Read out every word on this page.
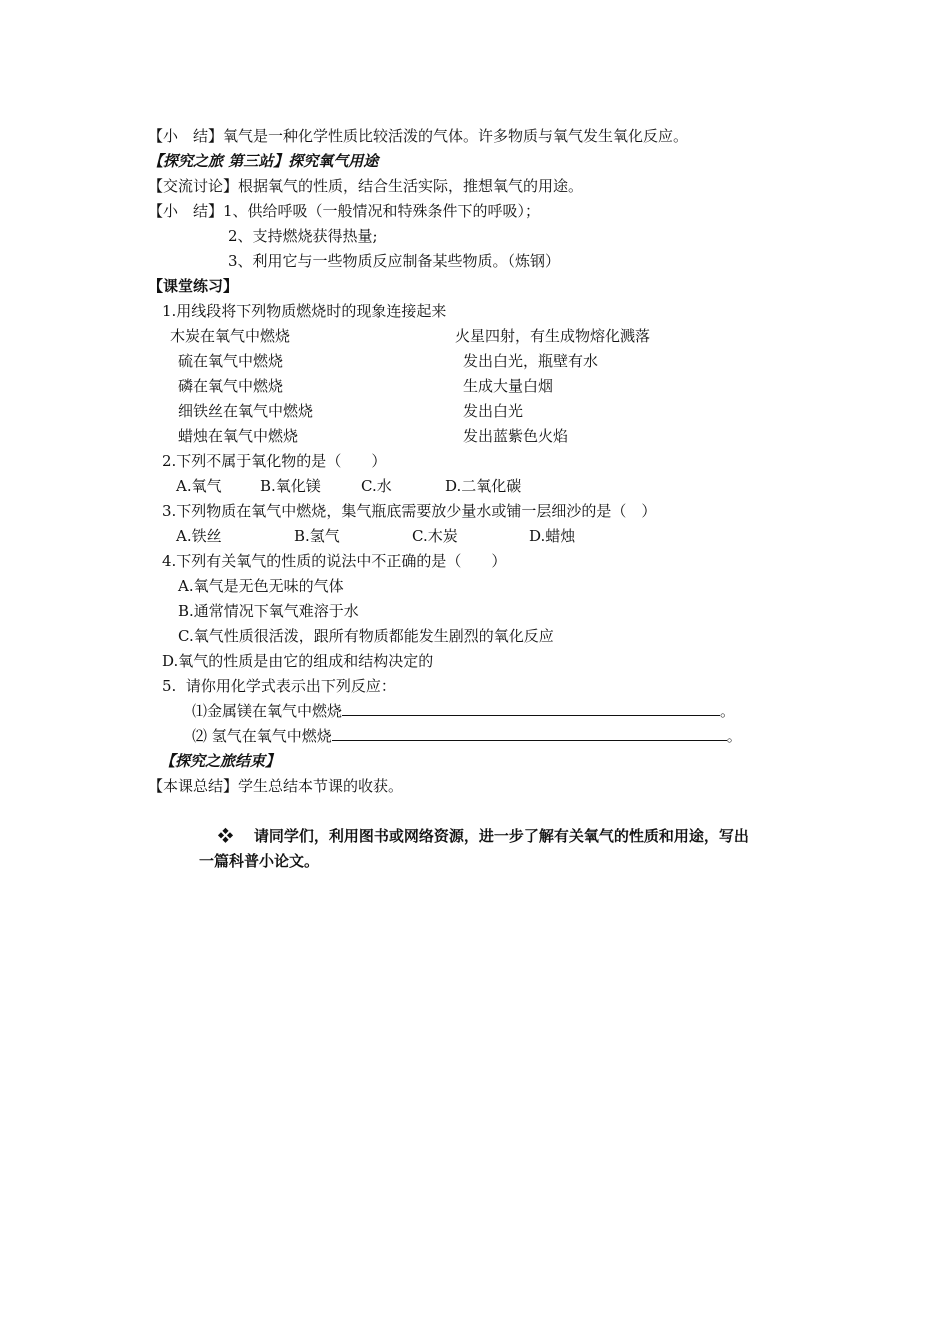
【小　结】氧气是一种化学性质比较活泼的气体。许多物质与氧气发生氧化反应。
【探究之旅 第三站】探究氧气用途
【交流讨论】根据氧气的性质，结合生活实际，推想氧气的用途。
【小　结】1、供给呼吸（一般情况和特殊条件下的呼吸）；
2、支持燃烧获得热量;
3、利用它与一些物质反应制备某些物质。（炼钢）
【课堂练习】
1.用线段将下列物质燃烧时的现象连接起来
木炭在氧气中燃烧	火星四射，有生成物熔化溅落
硫在氧气中燃烧	发出白光，瓶壁有水
磷在氧气中燃烧	生成大量白烟
细铁丝在氧气中燃烧	发出白光
蜡烛在氧气中燃烧	发出蓝紫色火焰
2.下列不属于氧化物的是（　　）
A.氧气	B.氧化镁	C.水	D.二氧化碳
3.下列物质在氧气中燃烧，集气瓶底需要放少量水或铺一层细沙的是（　）
A.铁丝	B.氢气	C.木炭	D.蜡烛
4.下列有关氧气的性质的说法中不正确的是（　　）
A.氧气是无色无味的气体
B.通常情况下氧气难溶于水
C.氧气性质很活泼，跟所有物质都能发生剧烈的氧化反应
D.氧气的性质是由它的组成和结构决定的
5.  请你用化学式表示出下列反应：
⑴金属镁在氧气中燃烧	。
⑵ 氢气在氧气中燃烧	。
【探究之旅结束】
【本课总结】学生总结本节课的收获。
❖ 请同学们，利用图书或网络资源，进一步了解有关氧气的性质和用途，写出
一篇科普小论文。
